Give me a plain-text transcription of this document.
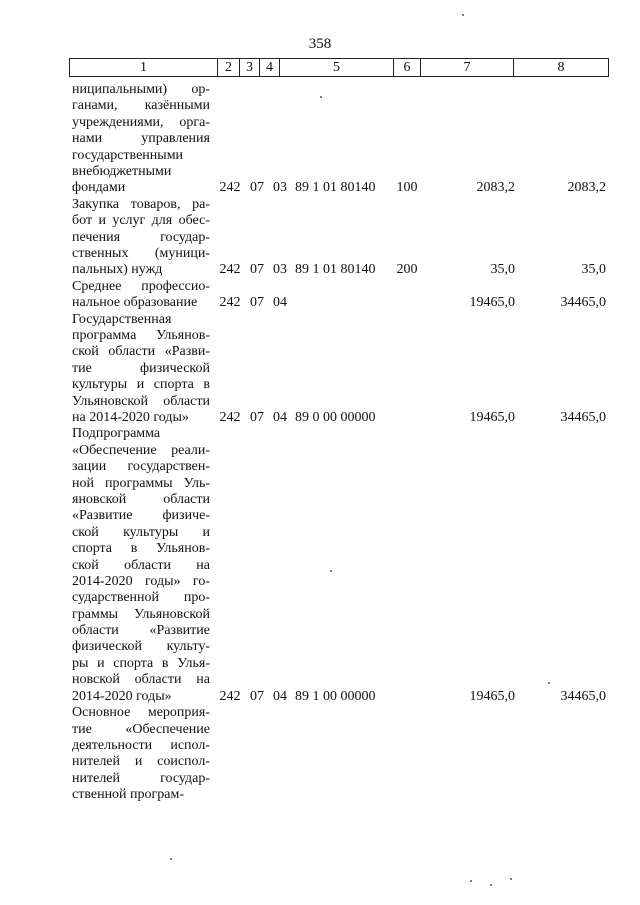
358
1	2	3 4	5	6	7	8
ниципальными) ор-
ганами, казёнными
учреждениями, орга-
нами управления
государственными
внебюджетными
фондами	242 07 03 89 1 01 80140	100	2083,2	2083,2
Закупка товаров, ра-
бот и услуг для обес-
печения государ-
ственных (муници-
пальных) нужд	242 07 03 89 1 01 80140	200	35,0	35,0
Среднее профессио-
нальное образование	242 07 04	19465,0	34465,0
Государственная
программа Ульянов-
ской области «Разви-
тие физической
культуры и спорта в
Ульяновской области
на 2014-2020 годы»	242 07 04 89 0 00 00000	19465,0	34465,0
Подпрограмма
«Обеспечение реали-
зации государствен-
ной программы Уль-
яновской области
«Развитие физиче-
ской культуры и
спорта в Ульянов-
ской области на
2014-2020 годы» го-
сударственной про-
граммы Ульяновской
области «Развитие
физической культу-
ры и спорта в Улья-
новской области на
2014-2020 годы»	242 07 04 89 1 00 00000	19465,0	34465,0
Основное мероприя-
тие «Обеспечение
деятельности испол-
нителей и соиспол-
нителей государ-
ственной програм-
